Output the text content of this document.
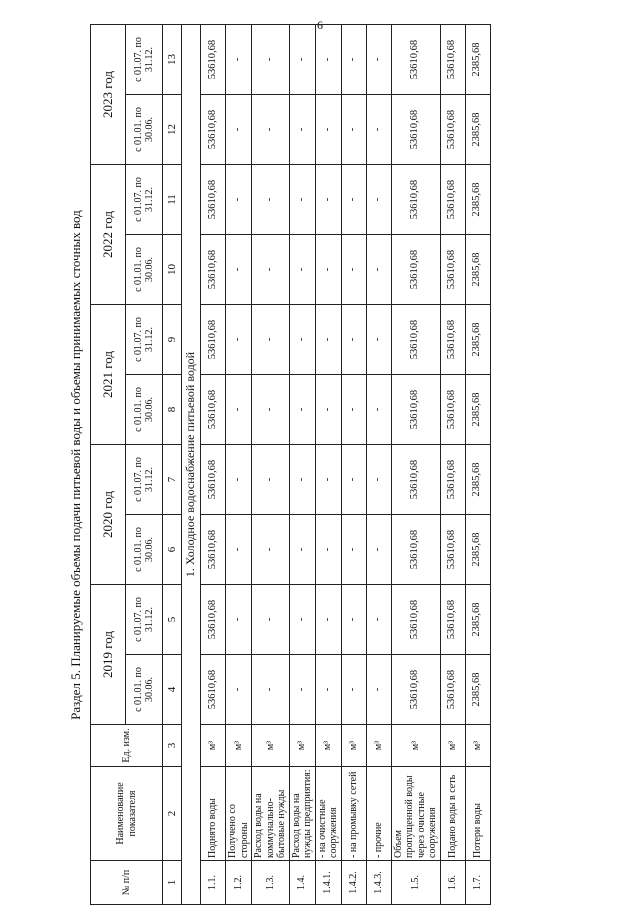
6
Раздел 5. Планируемые объемы подачи питьевой воды и объемы принимаемых сточных вод
№ п/п	Наименование показателя	Ед. изм.	2019 год		2020 год		2021 год		2022 год		2023 год	
			с 01.01. по 30.06.	с 01.07. по 31.12.	с 01.01. по 30.06.	с 01.07. по 31.12.	с 01.01. по 30.06.	с 01.07. по 31.12.	с 01.01. по 30.06.	с 01.07. по 31.12.	с 01.01. по 30.06.	с 01.07. по 31.12.
1	2	3	4	5	6	7	8	9	10	11	12	13
1. Холодное водоснабжение питьевой водой												
1.1.	Поднято воды	м³	53610,68	53610,68	53610,68	53610,68	53610,68	53610,68	53610,68	53610,68	53610,68	53610,68
1.2.	Получено со стороны	м³	-	-	-	-	-	-	-	-	-	-
1.3.	Расход воды на коммунально-бытовые нужды	м³	-	-	-	-	-	-	-	-	-	-
1.4.	Расход воды на нужды предприятия:	м³	-	-	-	-	-	-	-	-	-	-
1.4.1.	- на очистные сооружения	м³	-	-	-	-	-	-	-	-	-	-
1.4.2.	- на промывку сетей	м³	-	-	-	-	-	-	-	-	-	-
1.4.3.	- прочие	м³	-	-	-	-	-	-	-	-	-	-
1.5.	Объем пропущенной воды через очистные сооружения	м³	53610,68	53610,68	53610,68	53610,68	53610,68	53610,68	53610,68	53610,68	53610,68	53610,68
1.6.	Подано воды в сеть	м³	53610,68	53610,68	53610,68	53610,68	53610,68	53610,68	53610,68	53610,68	53610,68	53610,68
1.7.	Потери воды	м³	2385,68	2385,68	2385,68	2385,68	2385,68	2385,68	2385,68	2385,68	2385,68	2385,68
